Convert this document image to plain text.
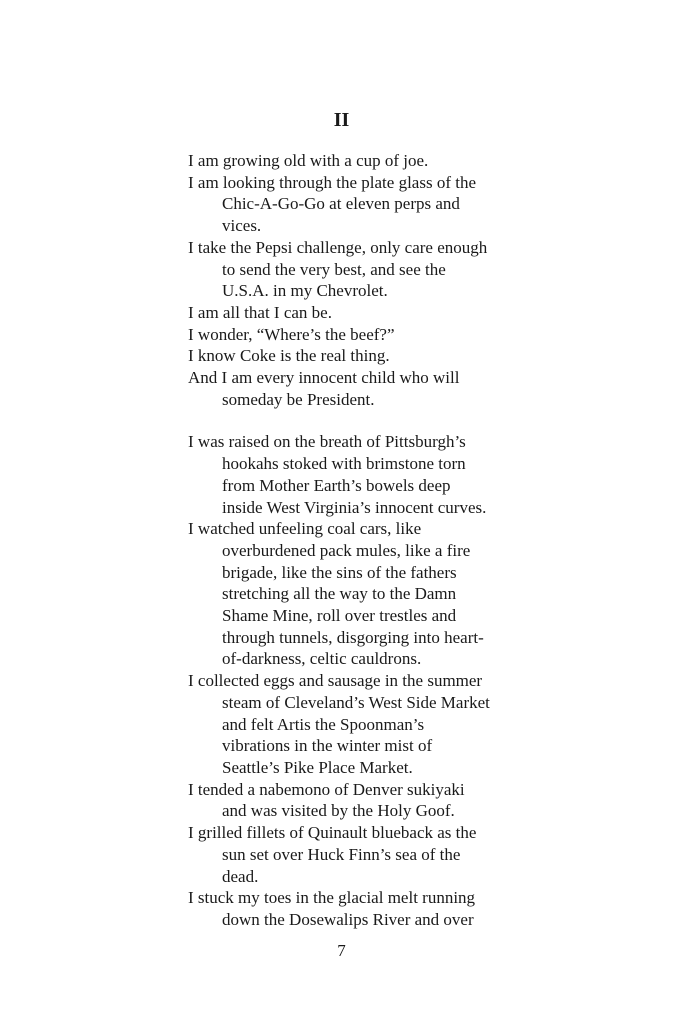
II
I am growing old with a cup of joe.
I am looking through the plate glass of the
Chic-A-Go-Go at eleven perps and
vices.
I take the Pepsi challenge, only care enough
to send the very best, and see the
U.S.A. in my Chevrolet.
I am all that I can be.
I wonder, “Where’s the beef?”
I know Coke is the real thing.
And I am every innocent child who will
someday be President.
I was raised on the breath of Pittsburgh’s
hookahs stoked with brimstone torn
from Mother Earth’s bowels deep
inside West Virginia’s innocent curves.
I watched unfeeling coal cars, like
overburdened pack mules, like a fire
brigade, like the sins of the fathers
stretching all the way to the Damn
Shame Mine, roll over trestles and
through tunnels, disgorging into heart-
of-darkness, celtic cauldrons.
I collected eggs and sausage in the summer
steam of Cleveland’s West Side Market
and felt Artis the Spoonman’s
vibrations in the winter mist of
Seattle’s Pike Place Market.
I tended a nabemono of Denver sukiyaki
and was visited by the Holy Goof.
I grilled fillets of Quinault blueback as the
sun set over Huck Finn’s sea of the
dead.
I stuck my toes in the glacial melt running
down the Dosewalips River and over
7
